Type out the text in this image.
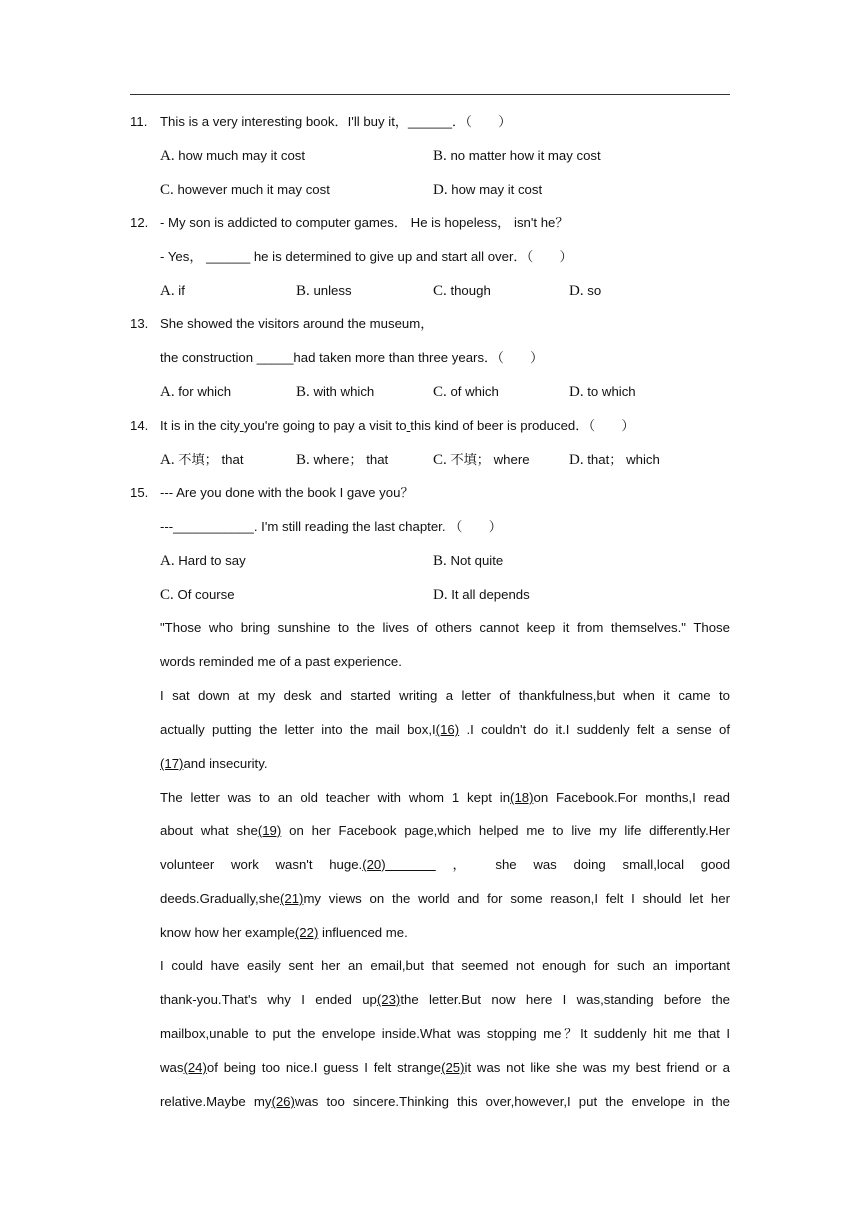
11. This is a very interesting book．I'll buy it，______．（　　）
A. how much may it cost	B. no matter how it may cost
C. however much it may cost	D. how may it cost
12. - My son is addicted to computer games． He is hopeless， isn't he？
- Yes， ______ he is determined to give up and start all over．（　　）
A. if	B. unless	C. though	D. so
13. She showed the visitors around the museum，
the construction _____had taken more than three years．（　　）
A. for which	B. with which	C. of which	D. to which
14. It is in the city you're going to pay a visit to this kind of beer is produced．（　　）
A. 不填； that	B. where； that	C. 不填； where	D. that； which
15. --- Are you done with the book I gave you？
---___________. I'm still reading the last chapter. （　　）
A. Hard to say	B. Not quite
C. Of course	D. It all depends
"Those who bring sunshine to the lives of others cannot keep it from themselves." Those
words reminded me of a past experience.
I sat down at my desk and started writing a letter of thankfulness,but when it came to
actually putting the letter into the mail box,I(16) .I couldn't do it.I suddenly felt a sense of
(17)and insecurity.
The letter was to an old teacher with whom 1 kept in(18)on Facebook.For months,I read
about what she(19) on her Facebook page,which helped me to live my life differently.Her
volunteer work wasn't huge.(20)	， she was doing small,local good
deeds.Gradually,she(21)my views on the world and for some reason,I felt I should let her
know how her example(22) influenced me.
I could have easily sent her an email,but that seemed not enough for such an important
thank-you.That's why I ended up(23)the letter.But now here I was,standing before the
mailbox,unable to put the envelope inside.What was stopping me？It suddenly hit me that I
was(24)of being too nice.I guess I felt strange(25)it was not like she was my best friend or a
relative.Maybe my(26)was too sincere.Thinking this over,however,I put the envelope in the
